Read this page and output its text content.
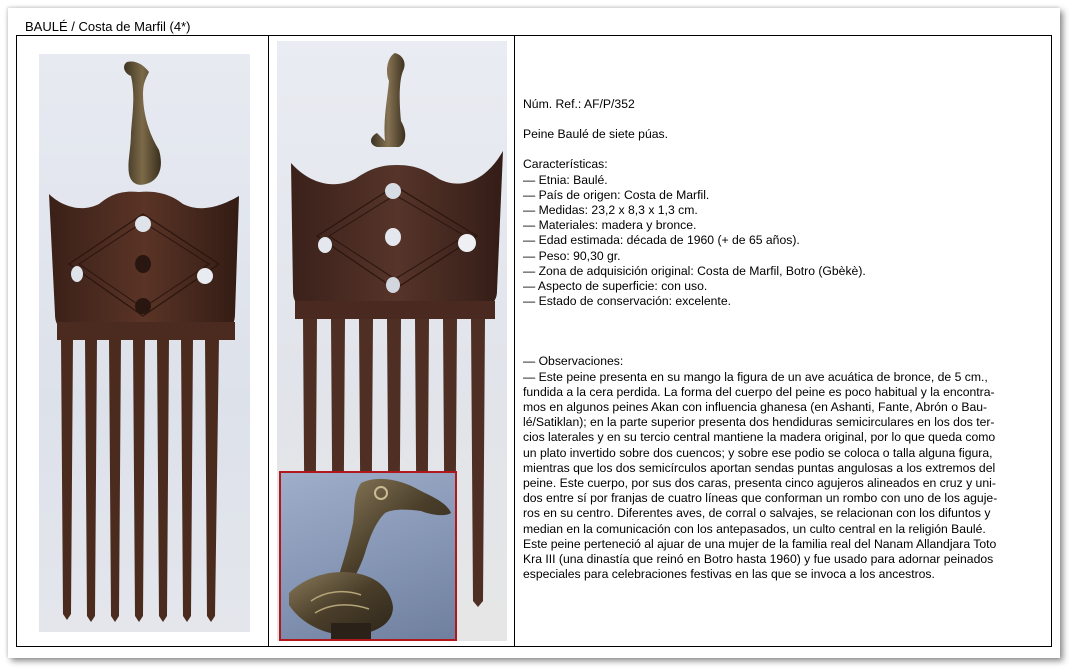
BAULÉ / Costa de Marfil (4*)

Núm. Ref.: AF/P/352

Peine Baulé de siete púas.

Características:

— Etnia: Baulé.

— País de origen: Costa de Marfil.

— Medidas: 23,2 x 8,3 x 1,3 cm.

— Materiales: madera y bronce.

— Edad estimada: década de 1960 (+ de 65 años).

— Peso: 90,30 gr.

— Zona de adquisición original: Costa de Marfil, Botro (Gbèkè).

— Aspecto de superficie: con uso.

— Estado de conservación: excelente.

— Observaciones:

— Este peine presenta en su mango la figura de un ave acuática de bronce, de 5 cm.,

fundida a la cera perdida. La forma del cuerpo del peine es poco habitual y la encontra-

mos en algunos peines Akan con influencia ghanesa (en Ashanti, Fante, Abrón o Bau-

lé/Satiklan); en la parte superior presenta dos hendiduras semicirculares en los dos ter-

cios laterales y en su tercio central mantiene la madera original, por lo que queda como

un plato invertido sobre dos cuencos; y sobre ese podio se coloca o talla alguna figura,

mientras que los dos semicírculos aportan sendas puntas angulosas a los extremos del

peine. Este cuerpo, por sus dos caras, presenta cinco agujeros alineados en cruz y uni-

dos entre sí por franjas de cuatro líneas que conforman un rombo con uno de los aguje-

ros en su centro. Diferentes aves, de corral o salvajes, se relacionan con los difuntos y

median en la comunicación con los antepasados, un culto central en la religión Baulé.

Este peine perteneció al ajuar de una mujer de la familia real del Nanam Allandjara Toto

Kra III (una dinastía que reinó en Botro hasta 1960) y fue usado para adornar peinados

especiales para celebraciones festivas en las que se invoca a los ancestros.
